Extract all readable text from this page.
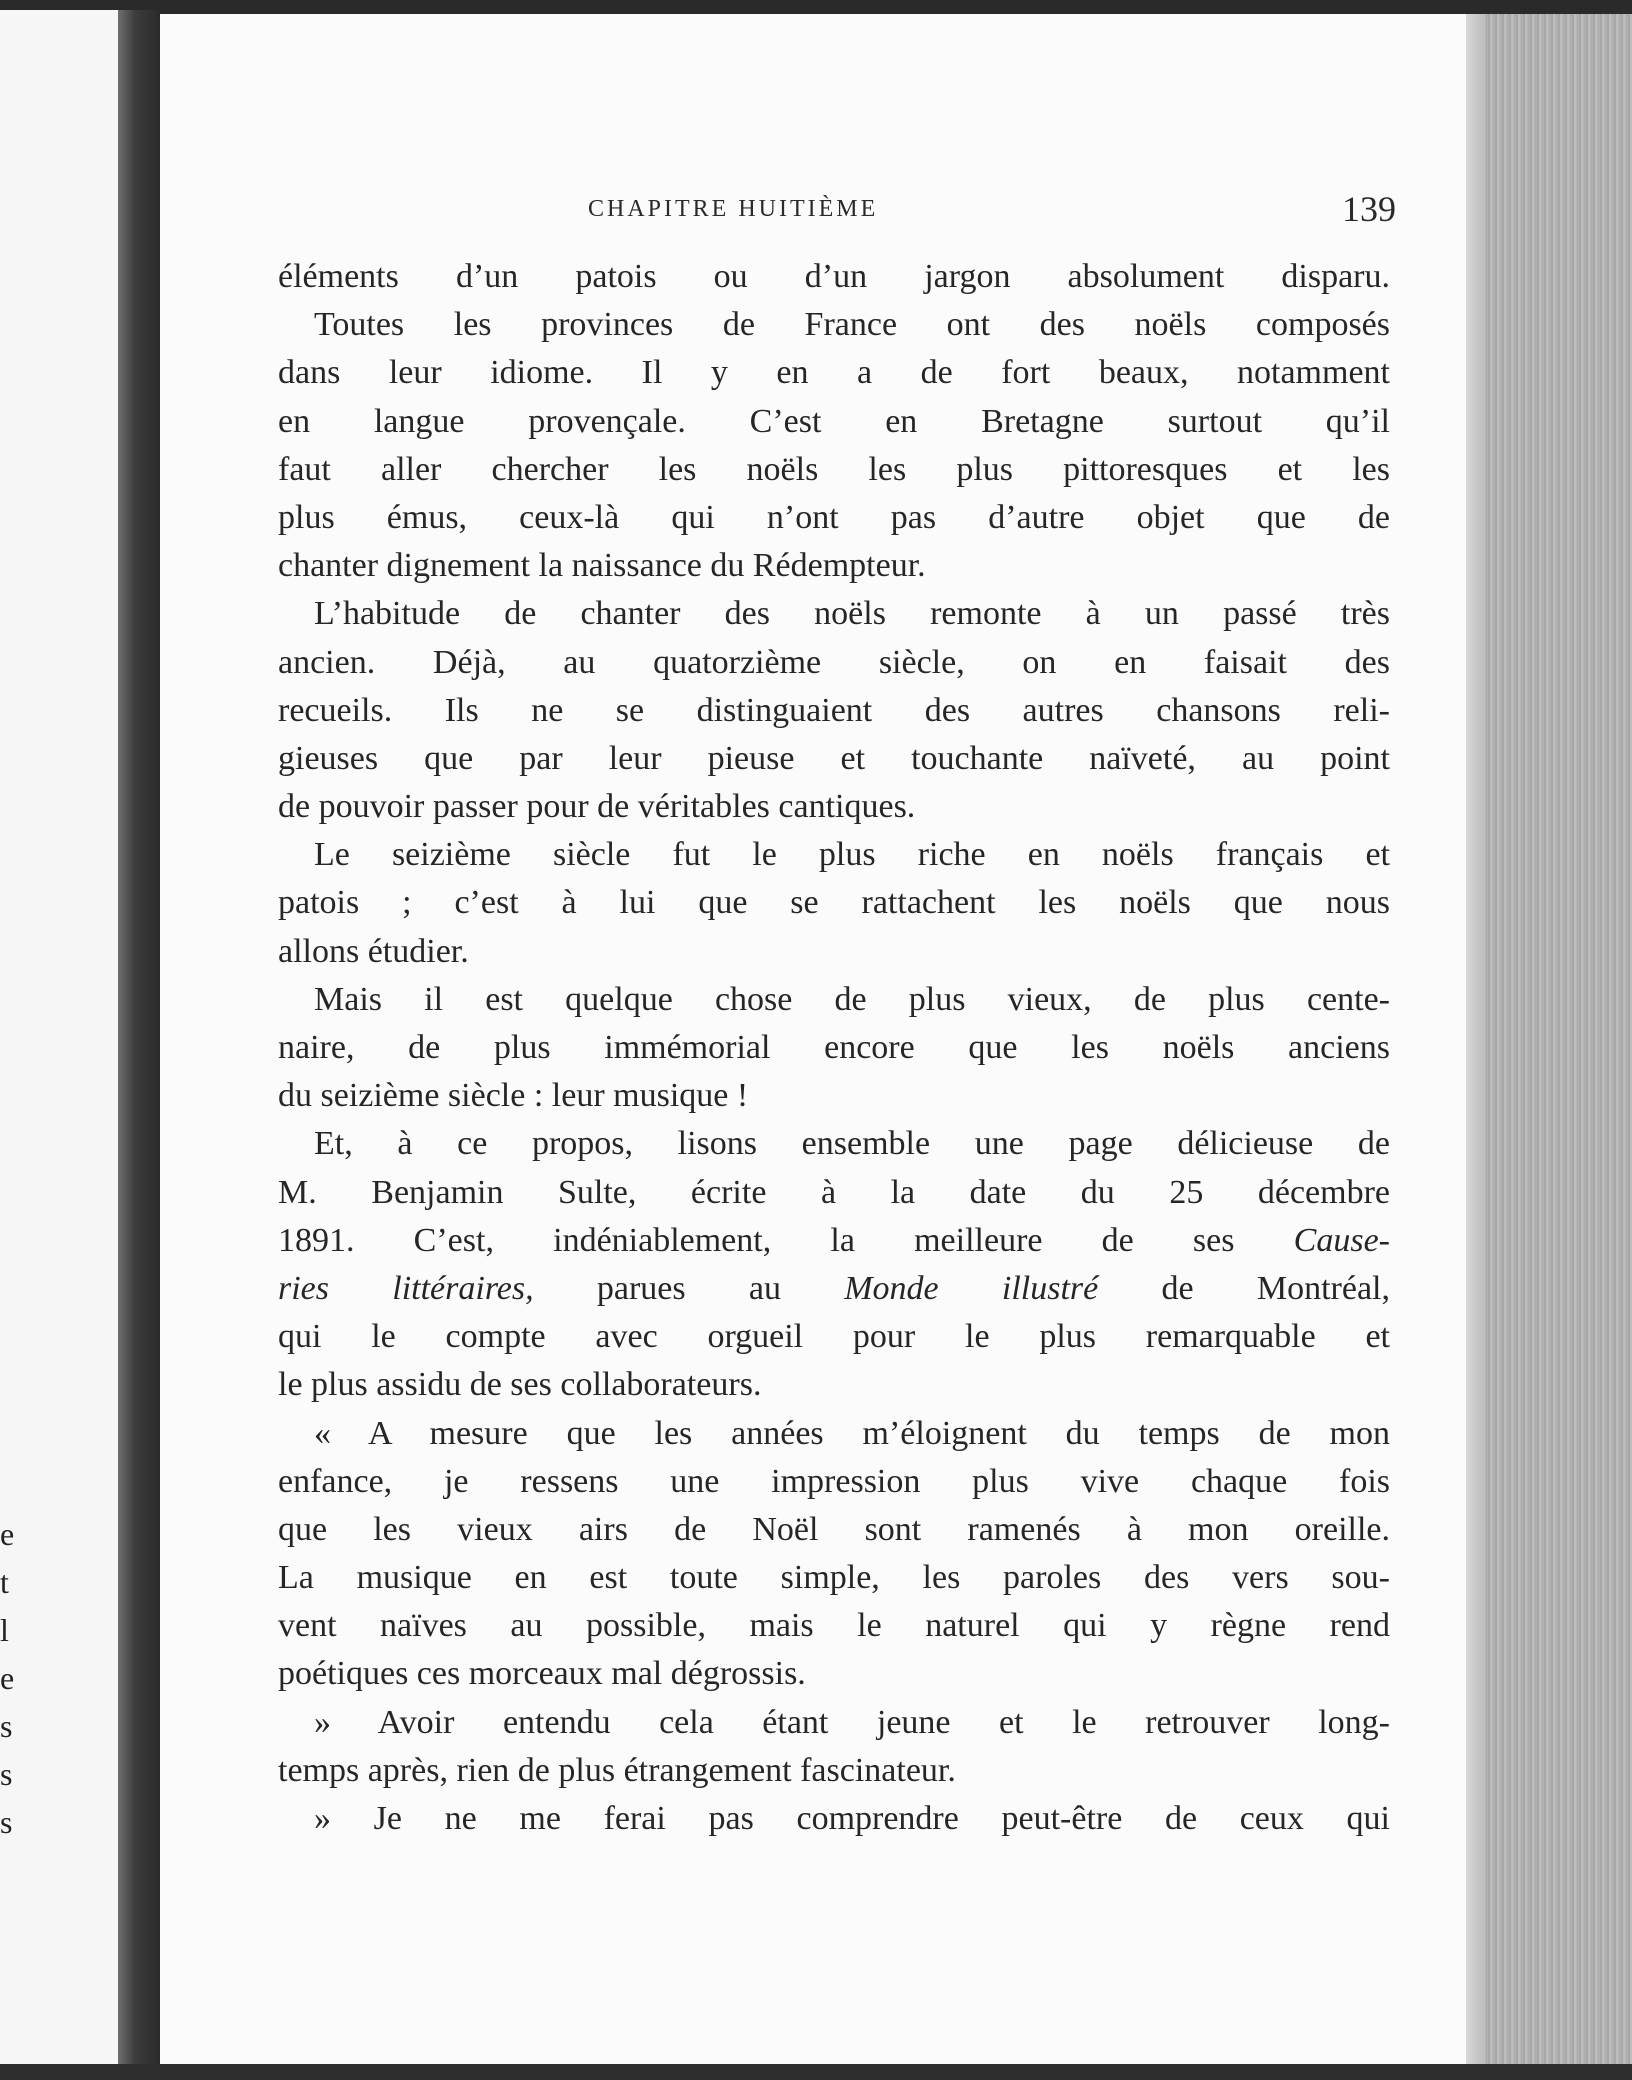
e
t
l
e
s
s
s
CHAPITRE HUITIÈME	139
éléments d’un patois ou d’un jargon absolument disparu.
Toutes les provinces de France ont des noëls composés
dans leur idiome. Il y en a de fort beaux, notamment
en langue provençale. C’est en Bretagne surtout qu’il
faut aller chercher les noëls les plus pittoresques et les
plus émus, ceux-là qui n’ont pas d’autre objet que de
chanter dignement la naissance du Rédempteur.
L’habitude de chanter des noëls remonte à un passé très
ancien. Déjà, au quatorzième siècle, on en faisait des
recueils. Ils ne se distinguaient des autres chansons reli-
gieuses que par leur pieuse et touchante naïveté, au point
de pouvoir passer pour de véritables cantiques.
Le seizième siècle fut le plus riche en noëls français et
patois ; c’est à lui que se rattachent les noëls que nous
allons étudier.
Mais il est quelque chose de plus vieux, de plus cente-
naire, de plus immémorial encore que les noëls anciens
du seizième siècle : leur musique !
Et, à ce propos, lisons ensemble une page délicieuse de
M. Benjamin Sulte, écrite à la date du 25 décembre
1891. C’est, indéniablement, la meilleure de ses Cause-
ries littéraires, parues au Monde illustré de Montréal,
qui le compte avec orgueil pour le plus remarquable et
le plus assidu de ses collaborateurs.
« A mesure que les années m’éloignent du temps de mon
enfance, je ressens une impression plus vive chaque fois
que les vieux airs de Noël sont ramenés à mon oreille.
La musique en est toute simple, les paroles des vers sou-
vent naïves au possible, mais le naturel qui y règne rend
poétiques ces morceaux mal dégrossis.
» Avoir entendu cela étant jeune et le retrouver long-
temps après, rien de plus étrangement fascinateur.
» Je ne me ferai pas comprendre peut-être de ceux qui
